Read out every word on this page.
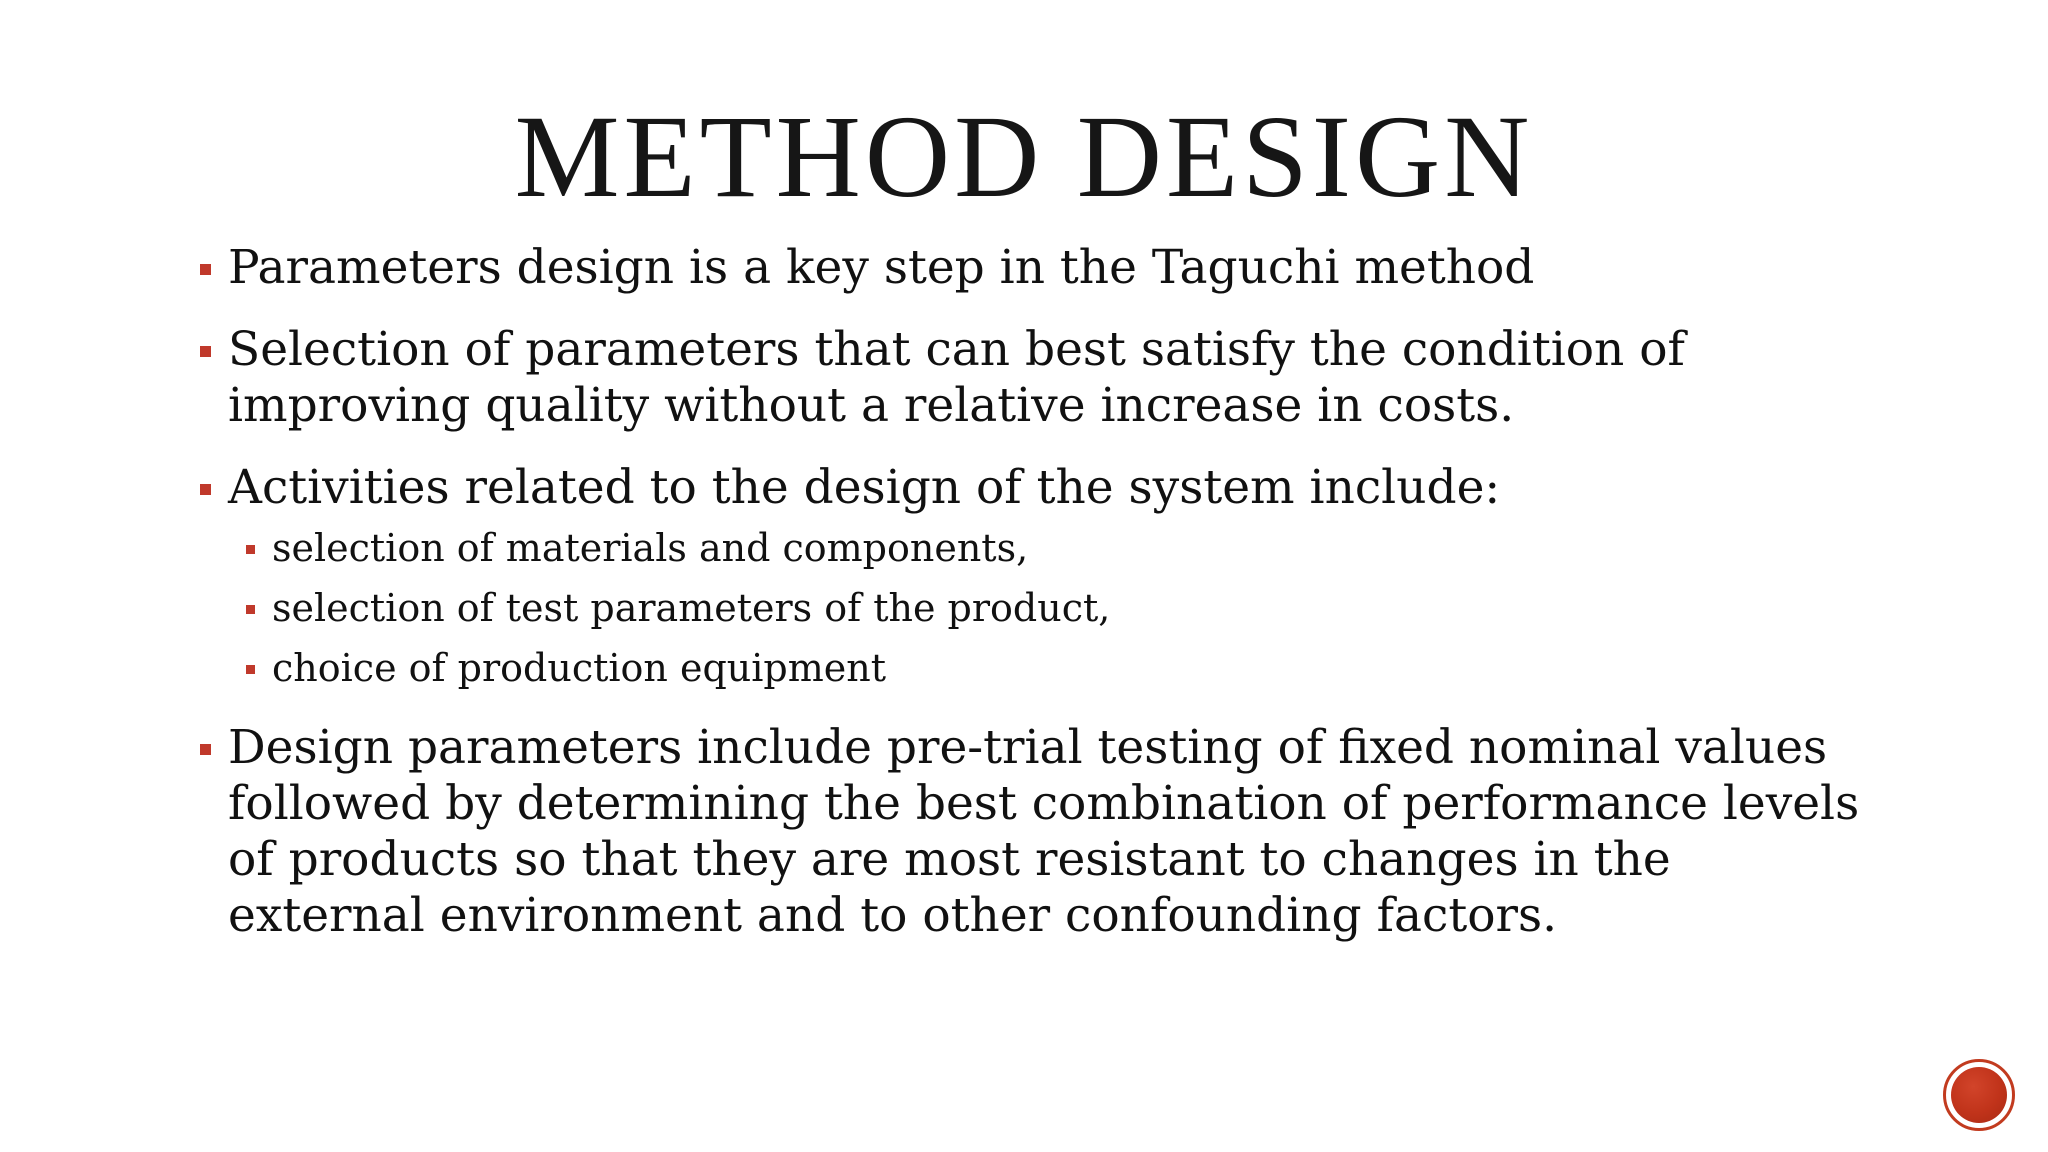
METHOD DESIGN
Parameters design is a key step in the Taguchi method
Selection of parameters that can best satisfy the condition of improving quality without a relative increase in costs.
Activities related to the design of the system include:
selection of materials and components,
selection of test parameters of the product,
choice of production equipment
Design parameters include pre-trial testing of fixed nominal values followed by determining the best combination of performance levels of products so that they are most resistant to changes in the external environment and to other confounding factors.
